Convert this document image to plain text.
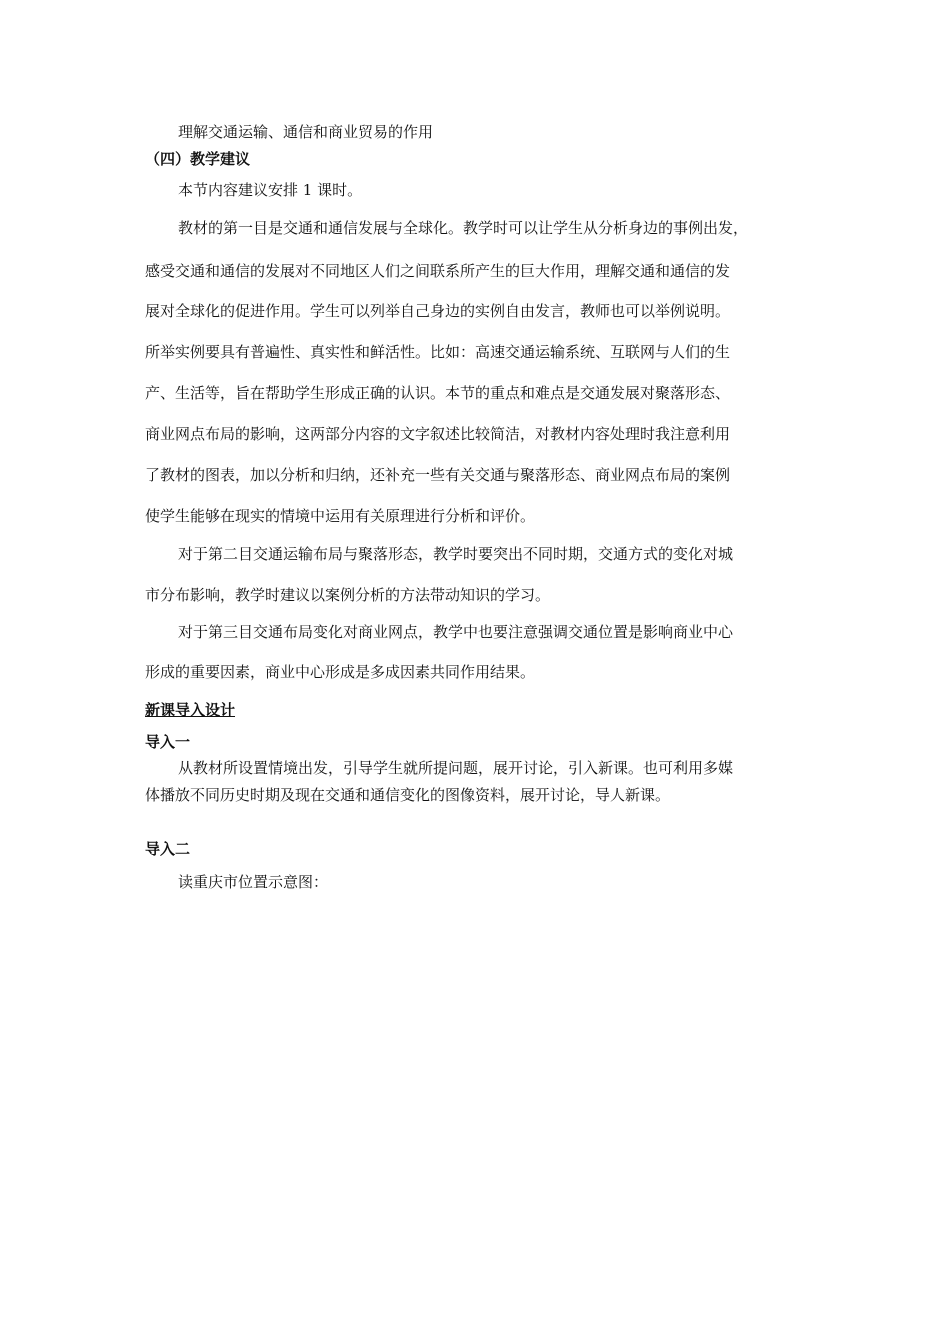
理解交通运输、通信和商业贸易的作用
（四）教学建议
本节内容建议安排 1 课时。
教材的第一目是交通和通信发展与全球化。教学时可以让学生从分析身边的事例出发，
感受交通和通信的发展对不同地区人们之间联系所产生的巨大作用，理解交通和通信的发
展对全球化的促进作用。学生可以列举自己身边的实例自由发言，教师也可以举例说明。
所举实例要具有普遍性、真实性和鲜活性。比如：高速交通运输系统、互联网与人们的生
产、生活等，旨在帮助学生形成正确的认识。本节的重点和难点是交通发展对聚落形态、
商业网点布局的影响，这两部分内容的文字叙述比较简洁，对教材内容处理时我注意利用
了教材的图表，加以分析和归纳，还补充一些有关交通与聚落形态、商业网点布局的案例
使学生能够在现实的情境中运用有关原理进行分析和评价。
对于第二目交通运输布局与聚落形态，教学时要突出不同时期，交通方式的变化对城
市分布影响，教学时建议以案例分析的方法带动知识的学习。
对于第三目交通布局变化对商业网点，教学中也要注意强调交通位置是影响商业中心
形成的重要因素，商业中心形成是多成因素共同作用结果。
新课导入设计
导入一
从教材所设置情境出发，引导学生就所提问题，展开讨论，引入新课。也可利用多媒
体播放不同历史时期及现在交通和通信变化的图像资料，展开讨论，导人新课。
导入二
读重庆市位置示意图：
